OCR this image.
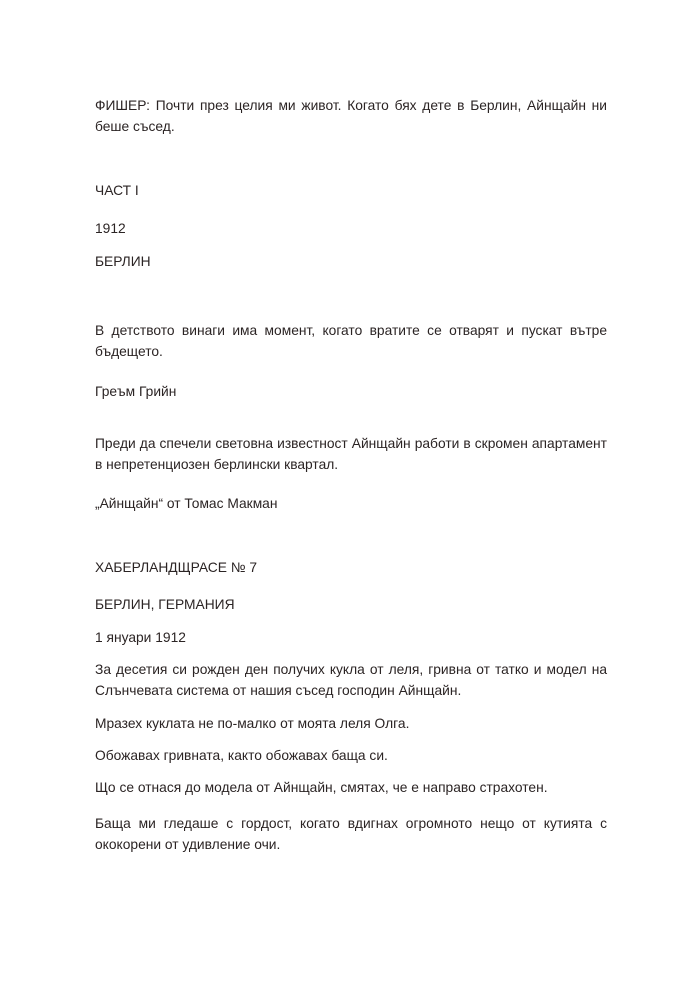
ФИШЕР: Почти през целия ми живот. Когато бях дете в Берлин, Айнщайн ни беше съсед.

ЧАСТ I

1912

БЕРЛИН

В детството винаги има момент, когато вратите се отварят и пускат вътре бъдещето.

Греъм Грийн

Преди да спечели световна известност Айнщайн работи в скромен апартамент в непретенциозен берлински квартал.

„Айнщайн“ от Томас Макман

ХАБЕРЛАНДЩРАСЕ № 7

БЕРЛИН, ГЕРМАНИЯ

1 януари 1912

За десетия си рожден ден получих кукла от леля, гривна от татко и модел на Слънчевата система от нашия съсед господин Айнщайн.

Мразех куклата не по-малко от моята леля Олга.

Обожавах гривната, както обожавах баща си.

Що се отнася до модела от Айнщайн, смятах, че е направо страхотен.

Баща ми гледаше с гордост, когато вдигнах огромното нещо от кутията с ококорени от удивление очи.
